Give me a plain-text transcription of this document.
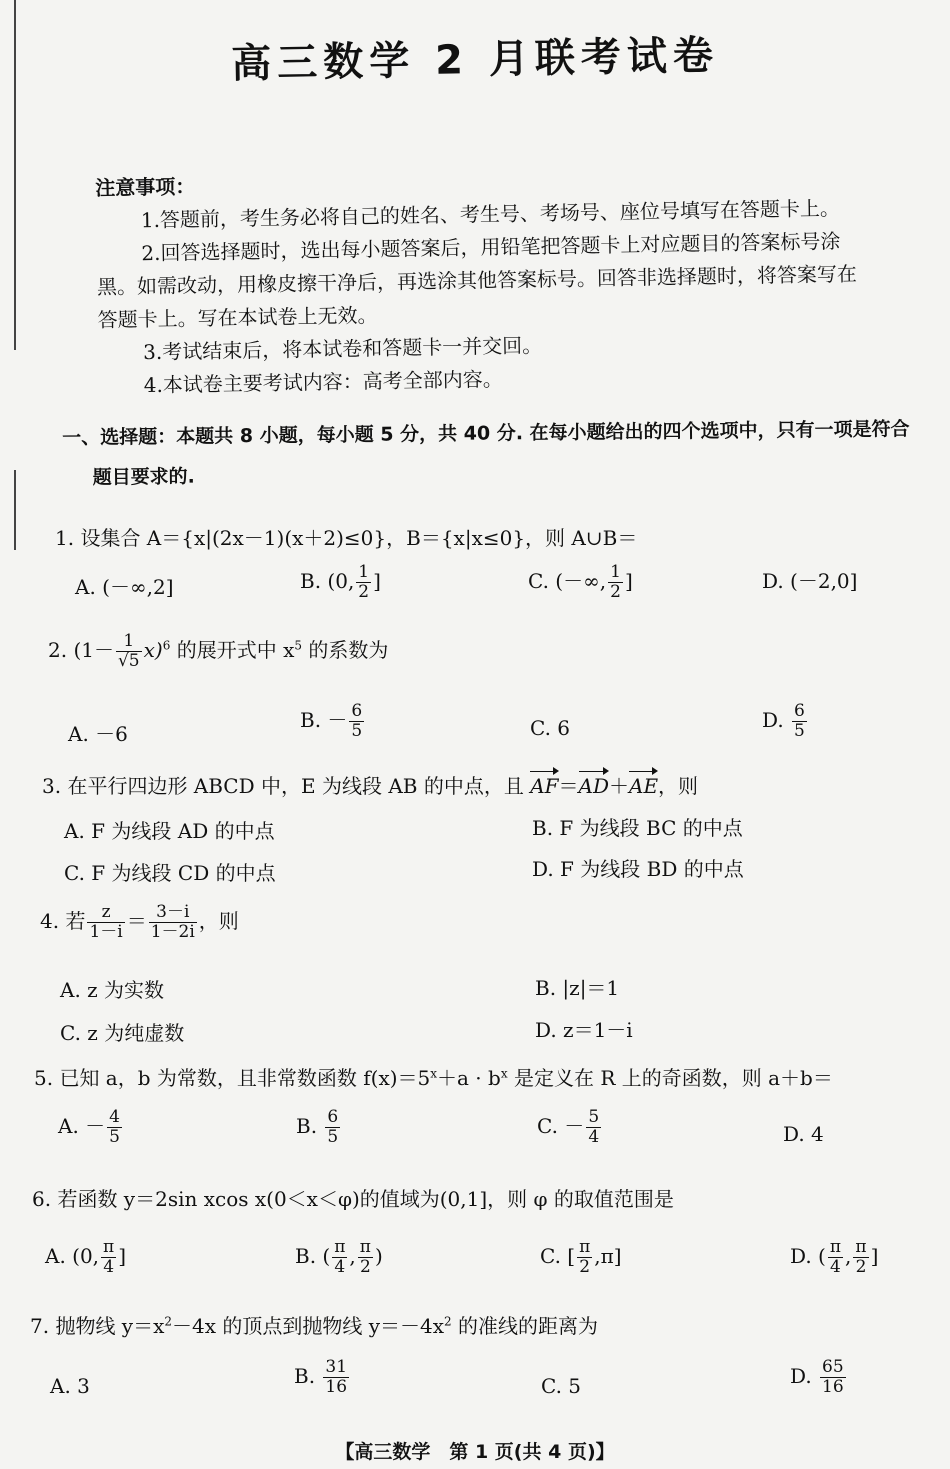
高三数学 2 月联考试卷
注意事项：
1.答题前，考生务必将自己的姓名、考生号、考场号、座位号填写在答题卡上。
2.回答选择题时，选出每小题答案后，用铅笔把答题卡上对应题目的答案标号涂
黑。如需改动，用橡皮擦干净后，再选涂其他答案标号。回答非选择题时，将答案写在
答题卡上。写在本试卷上无效。
3.考试结束后，将本试卷和答题卡一并交回。
4.本试卷主要考试内容：高考全部内容。
一、选择题：本题共 8 小题，每小题 5 分，共 40 分. 在每小题给出的四个选项中，只有一项是符合
题目要求的.
1. 设集合 A＝{x|(2x－1)(x＋2)≤0}，B＝{x|x≤0}，则 A∪B＝
A. (－∞,2]	B. (0, $\frac{1}{2}$ ]	C. (－∞, $\frac{1}{2}$ ]	D. (－2,0]
2. $(1- \frac{1}{√5} x)^6$ 的展开式中 $x^5$ 的系数为
A. －6
B. － $\frac{6}{5}$	C. 6	D. $\frac{6}{5}$
3. 在平行四边形 ABCD 中，E 为线段 AB 的中点，且 AF＝AD＋AE，则
A. F 为线段 AD 的中点	B. F 为线段 BC 的中点
C. F 为线段 CD 的中点	D. F 为线段 BD 的中点
4. 若 $\frac{z}{1-i} = \frac{3-i}{1-2i}$ ，则
A. z 为实数	B. |z|＝1
C. z 为纯虚数	D. z＝1－i
5. 已知 a，b 为常数，且非常数函数 $f(x)=5^x+a \cdot b^x$ 是定义在 R 上的奇函数，则 a＋b＝
A. － $\frac{4}{5}$	B. $\frac{6}{5}$	C. － $\frac{5}{4}$	D. 4
6. 若函数 y＝2sin xcos x(0＜x＜φ)的值域为(0,1]，则 φ 的取值范围是
A. (0, $\frac{\pi}{4}$ ]	B. ( $\frac{\pi}{4}$ , $\frac{\pi}{2}$ )	C. [ $\frac{\pi}{2} ,\pi$]	D. ( $\frac{\pi}{4}$ , $\frac{\pi}{2}$ ]
7. 抛物线 $y=x^2-4x$ 的顶点到抛物线 $y=-4x^2$ 的准线的距离为
A. 3	B. $\frac{31}{16}$	C. 5	D. $\frac{65}{16}$
【高三数学　第 1 页(共 4 页)】
